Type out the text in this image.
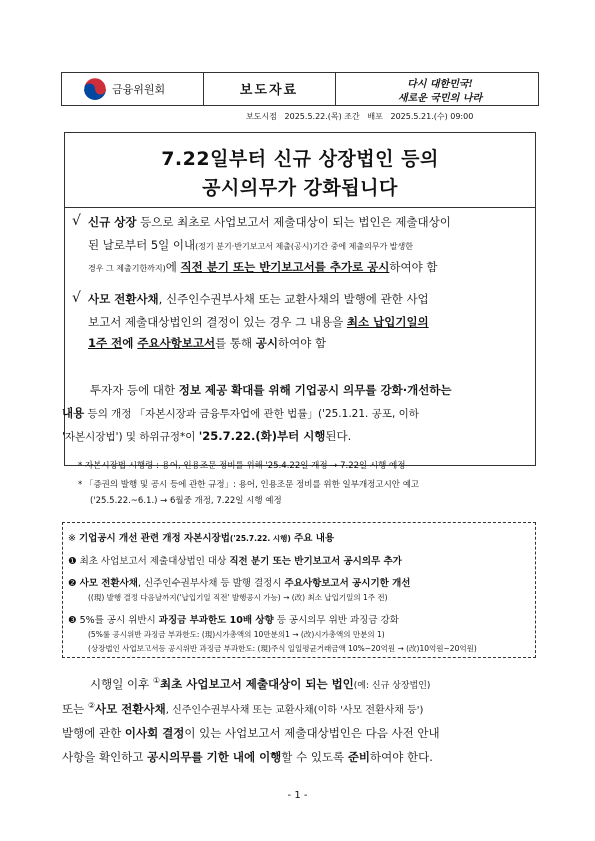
금융위원회	보도자료	다시 대한민국!
새로운 국민의 나라
보도시점   2025.5.22.(목) 조간   배포   2025.5.21.(수) 09:00
7.22일부터 신규 상장법인 등의
공시의무가 강화됩니다
√ 신규 상장 등으로 최초로 사업보고서 제출대상이 되는 법인은 제출대상이
된 날로부터 5일 이내(정기 분기·반기보고서 제출(공시)기간 중에 제출의무가 발생한
경우 그 제출기한까지)에 직전 분기 또는 반기보고서를 추가로 공시하여야 함
√ 사모 전환사채, 신주인수권부사채 또는 교환사채의 발행에 관한 사업
보고서 제출대상법인의 결정이 있는 경우 그 내용을 최소 납입기일의
1주 전에 주요사항보고서를 통해 공시하여야 함
투자자 등에 대한 정보 제공 확대를 위해 기업공시 의무를 강화·개선하는
내용 등의 개정 「자본시장과 금융투자업에 관한 법률」('25.1.21. 공포, 이하
'자본시장법') 및 하위규정*이 '25.7.22.(화)부터 시행된다.
* 자본시장법 시행령 : 용어, 인용조문 정비를 위해 '25.4.22일 개정 → 7.22일 시행 예정
* 「증권의 발행 및 공시 등에 관한 규정」: 용어, 인용조문 정비를 위한 일부개정고시안 예고
('25.5.22.~6.1.) → 6월중 개정, 7.22일 시행 예정
※ 기업공시 개선 관련 개정 자본시장법('25.7.22. 시행) 주요 내용
❶ 최초 사업보고서 제출대상법인 대상 직전 분기 또는 반기보고서 공시의무 추가
❷ 사모 전환사채, 신주인수권부사채 등 발행 결정시 주요사항보고서 공시기한 개선
((現) 발행 결정 다음날까지('납입기일 직전' 발행공시 가능) → (改) 최소 납입기일의 1주 전)
❸ 5%를 공시 위반시 과징금 부과한도 10배 상향 등 공시의무 위반 과징금 강화
(5%룰 공시위반 과징금 부과한도: (現)시가총액의 10만분의1 → (改)시가총액의 만분의 1)
(상장법인 사업보고서등 공시위반 과징금 부과한도: (現)주식 일일평균거래금액 10%~20억원 → (改)10억원~20억원)
시행일 이후 ①최초 사업보고서 제출대상이 되는 법인(예: 신규 상장법인)
또는 ②사모 전환사채, 신주인수권부사채 또는 교환사채(이하 '사모 전환사채 등')
발행에 관한 이사회 결정이 있는 사업보고서 제출대상법인은 다음 사전 안내
사항을 확인하고 공시의무를 기한 내에 이행할 수 있도록 준비하여야 한다.
- 1 -
